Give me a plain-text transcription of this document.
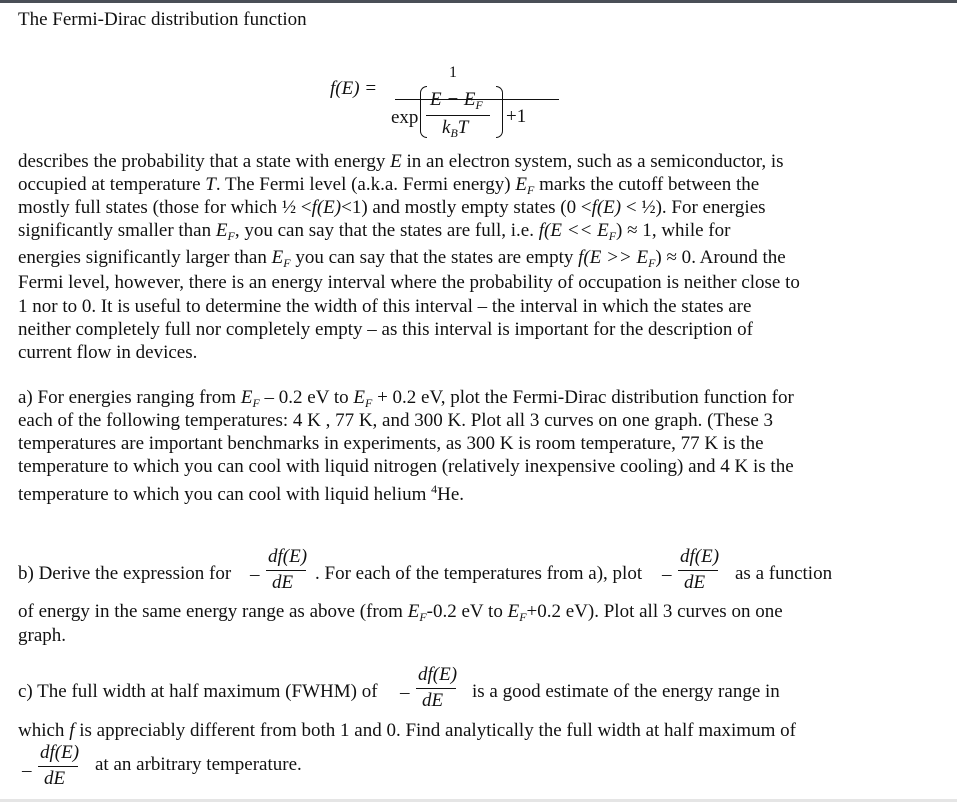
The Fermi-Dirac distribution function
f(E) =
1
exp
$E - E_F$
$k_BT$
+1
describes the probability that a state with energy E in an electron system, such as a semiconductor, is
occupied at temperature T. The Fermi level (a.k.a. Fermi energy) $E_F$ marks the cutoff between the
mostly full states (those for which ½ <f(E)<1) and mostly empty states (0 <f(E) < ½). For energies
significantly smaller than $E_F$, you can say that the states are full, i.e. $f(E << E_F) \approx 1$, while for
energies significantly larger than $E_F$ you can say that the states are empty $f(E >> E_F) \approx 0$. Around the
Fermi level, however, there is an energy interval where the probability of occupation is neither close to
1 nor to 0. It is useful to determine the width of this interval – the interval in which the states are
neither completely full nor completely empty – as this interval is important for the description of
current flow in devices.
a) For energies ranging from $E_F - 0.2$ eV to $E_F + 0.2$ eV, plot the Fermi-Dirac distribution function for
each of the following temperatures: 4 K , 77 K, and 300 K. Plot all 3 curves on one graph. (These 3
temperatures are important benchmarks in experiments, as 300 K is room temperature, 77 K is the
temperature to which you can cool with liquid nitrogen (relatively inexpensive cooling) and 4 K is the
temperature to which you can cool with liquid helium $^4$He.
b) Derive the expression for –
df(E)
dE . For each of the temperatures from a), plot –
df(E)
dE as a function
of energy in the same energy range as above (from $E_F-0.2$ eV to $E_F+0.2$ eV). Plot all 3 curves on one
graph.
c) The full width at half maximum (FWHM) of –
df(E)
dE is a good estimate of the energy range in
which f is appreciably different from both 1 and 0. Find analytically the full width at half maximum of
–
df(E)
dE
at an arbitrary temperature.
